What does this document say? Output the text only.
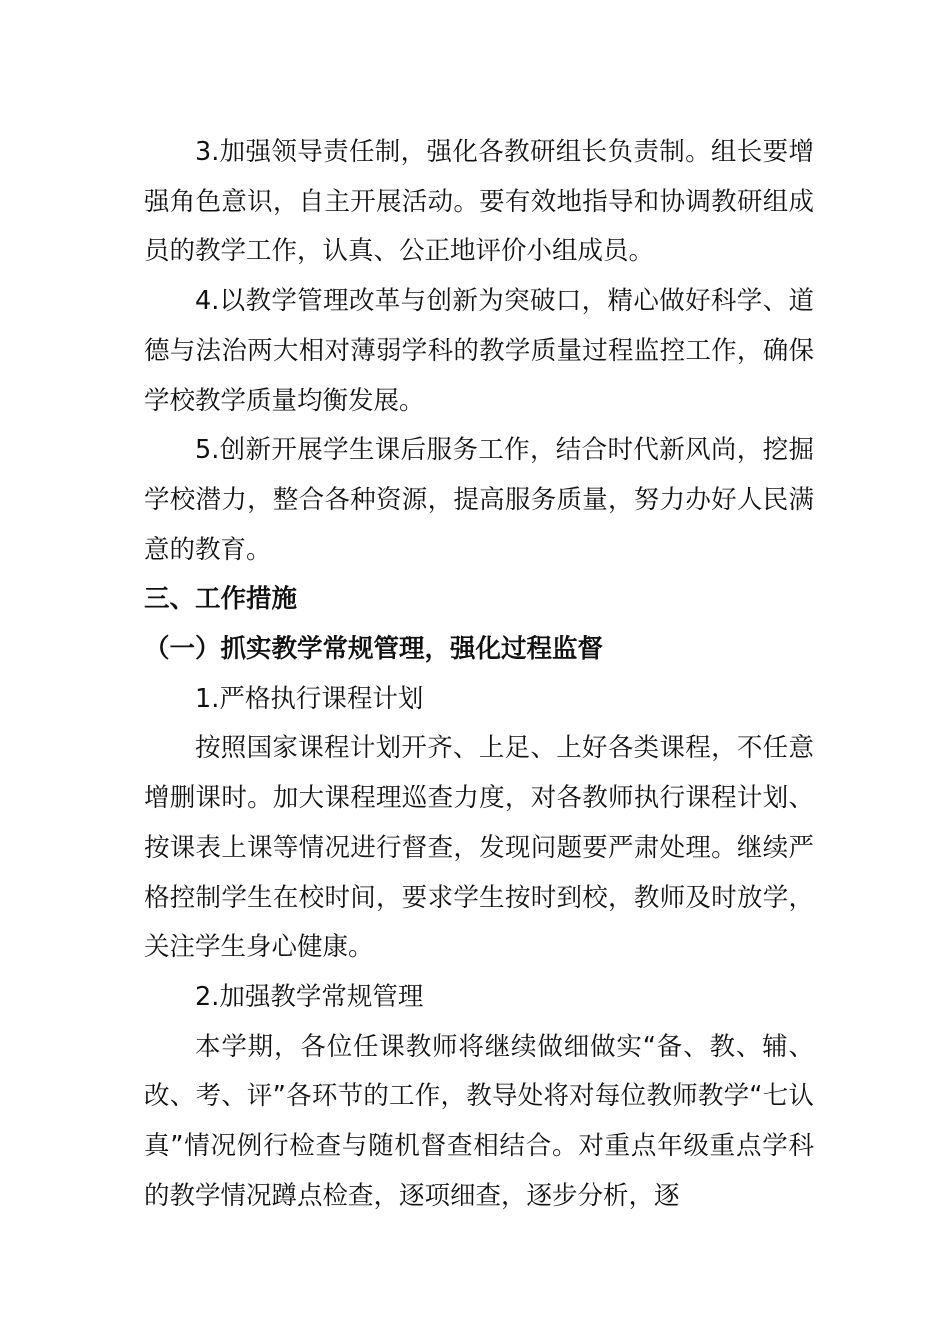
3.加强领导责任制，强化各教研组长负责制。组长要增强角色意识，自主开展活动。要有效地指导和协调教研组成员的教学工作，认真、公正地评价小组成员。

4.以教学管理改革与创新为突破口，精心做好科学、道德与法治两大相对薄弱学科的教学质量过程监控工作，确保学校教学质量均衡发展。

5.创新开展学生课后服务工作，结合时代新风尚，挖掘学校潜力，整合各种资源，提高服务质量，努力办好人民满意的教育。

三、工作措施

（一）抓实教学常规管理，强化过程监督

1.严格执行课程计划

按照国家课程计划开齐、上足、上好各类课程，不任意增删课时。加大课程理巡查力度，对各教师执行课程计划、按课表上课等情况进行督查，发现问题要严肃处理。继续严格控制学生在校时间，要求学生按时到校，教师及时放学，关注学生身心健康。

2.加强教学常规管理

本学期，各位任课教师将继续做细做实“备、教、辅、改、考、评”各环节的工作，教导处将对每位教师教学“七认真”情况例行检查与随机督查相结合。对重点年级重点学科的教学情况蹲点检查，逐项细查，逐步分析，逐
